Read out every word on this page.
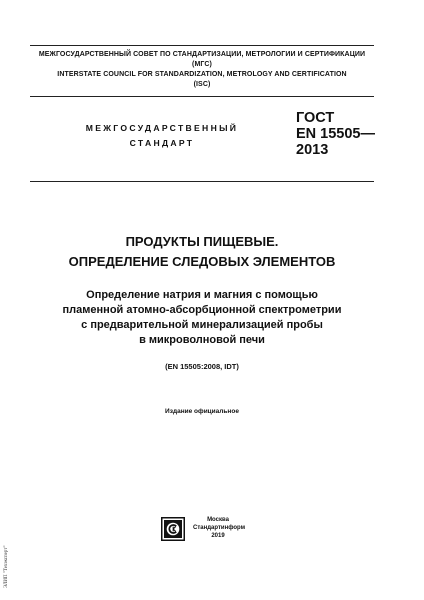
МЕЖГОСУДАРСТВЕННЫЙ СОВЕТ ПО СТАНДАРТИЗАЦИИ, МЕТРОЛОГИИ И СЕРТИФИКАЦИИ
(МГС)
INTERSTATE COUNCIL FOR STANDARDIZATION, METROLOGY AND CERTIFICATION
(ISC)
МЕЖГОСУДАРСТВЕННЫЙ
СТАНДАРТ
ГОСТ
EN 15505—
2013
ПРОДУКТЫ ПИЩЕВЫЕ.
ОПРЕДЕЛЕНИЕ СЛЕДОВЫХ ЭЛЕМЕНТОВ
Определение натрия и магния с помощью
пламенной атомно-абсорбционной спектрометрии
с предварительной минерализацией пробы
в микроволновой печи
(EN 15505:2008, IDT)
Издание официальное
Москва
Стандартинформ
2019
ЭЛИП "Техэксперт"
